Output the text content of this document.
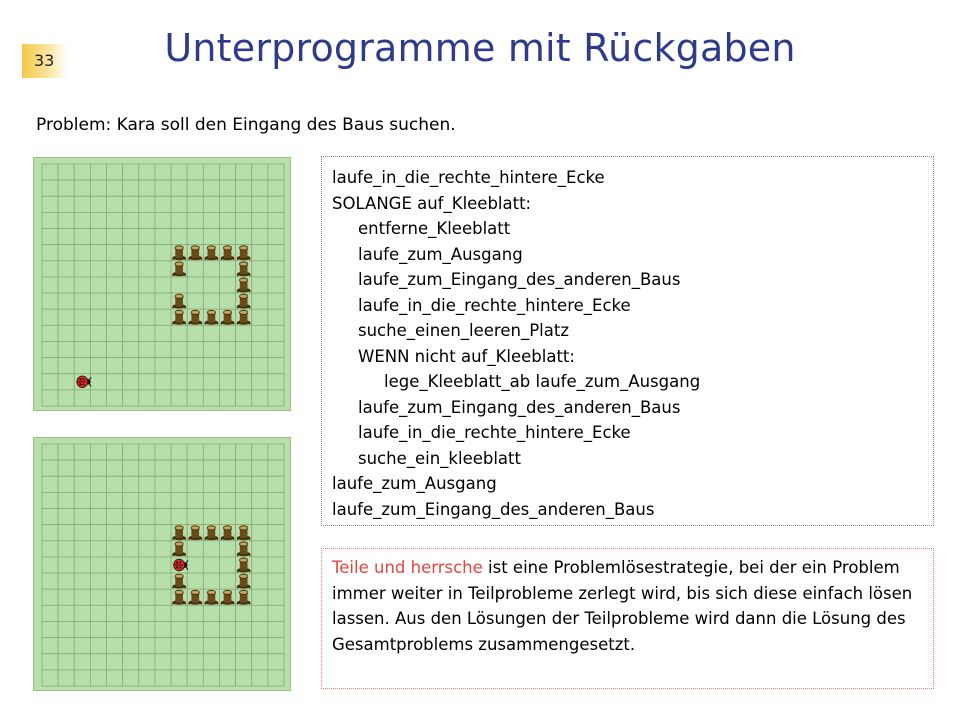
33	Unterprogramme mit Rückgaben
Problem: Kara soll den Eingang des Baus suchen.
laufe_in_die_rechte_hintere_Ecke
SOLANGE auf_Kleeblatt:
entferne_Kleeblatt
laufe_zum_Ausgang
laufe_zum_Eingang_des_anderen_Baus
laufe_in_die_rechte_hintere_Ecke
suche_einen_leeren_Platz
WENN nicht auf_Kleeblatt:
lege_Kleeblatt_ab laufe_zum_Ausgang
laufe_zum_Eingang_des_anderen_Baus
laufe_in_die_rechte_hintere_Ecke
suche_ein_kleeblatt
laufe_zum_Ausgang
laufe_zum_Eingang_des_anderen_Baus
Teile und herrsche ist eine Problemlösestrategie, bei der ein Problem immer weiter in Teilprobleme zerlegt wird, bis sich diese einfach lösen lassen. Aus den Lösungen der Teilprobleme wird dann die Lösung des Gesamtproblems zusammengesetzt.
